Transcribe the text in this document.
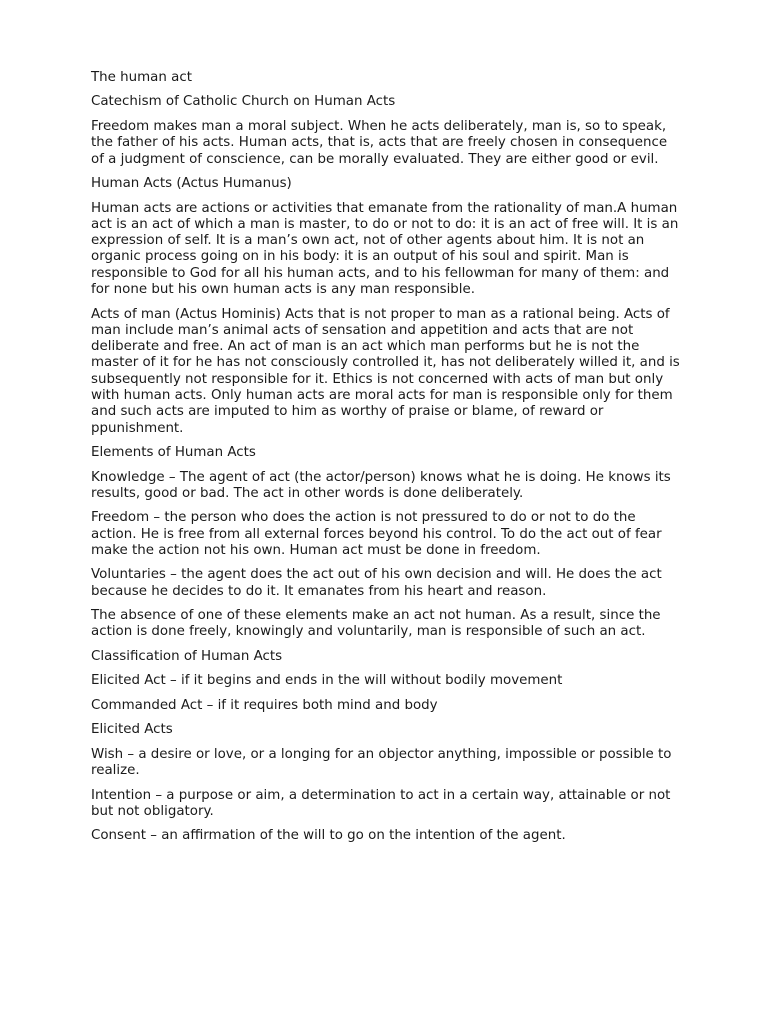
The human act

Catechism of Catholic Church on Human Acts

Freedom makes man a moral subject. When he acts deliberately, man is, so to speak, the father of his acts. Human acts, that is, acts that are freely chosen in consequence of a judgment of conscience, can be morally evaluated. They are either good or evil.

Human Acts (Actus Humanus)

Human acts are actions or activities that emanate from the rationality of man.A human act is an act of which a man is master, to do or not to do: it is an act of free will. It is an expression of self. It is a man’s own act, not of other agents about him. It is not an organic process going on in his body: it is an output of his soul and spirit. Man is responsible to God for all his human acts, and to his fellowman for many of them: and for none but his own human acts is any man responsible.

Acts of man (Actus Hominis) Acts that is not proper to man as a rational being. Acts of man include man’s animal acts of sensation and appetition and acts that are not deliberate and free. An act of man is an act which man performs but he is not the master of it for he has not consciously controlled it, has not deliberately willed it, and is subsequently not responsible for it. Ethics is not concerned with acts of man but only with human acts. Only human acts are moral acts for man is responsible only for them and such acts are imputed to him as worthy of praise or blame, of reward or ppunishment.

Elements of Human Acts

Knowledge – The agent of act (the actor/person) knows what he is doing. He knows its results, good or bad. The act in other words is done deliberately.

Freedom – the person who does the action is not pressured to do or not to do the action. He is free from all external forces beyond his control. To do the act out of fear make the action not his own. Human act must be done in freedom.

Voluntaries – the agent does the act out of his own decision and will. He does the act because he decides to do it. It emanates from his heart and reason.

The absence of one of these elements make an act not human. As a result, since the action is done freely, knowingly and voluntarily, man is responsible of such an act.

Classification of Human Acts

Elicited Act – if it begins and ends in the will without bodily movement

Commanded Act – if it requires both mind and body

Elicited Acts

Wish – a desire or love, or a longing for an objector anything, impossible or possible to realize.

Intention – a purpose or aim, a determination to act in a certain way, attainable or not but not obligatory.

Consent – an affirmation of the will to go on the intention of the agent.
